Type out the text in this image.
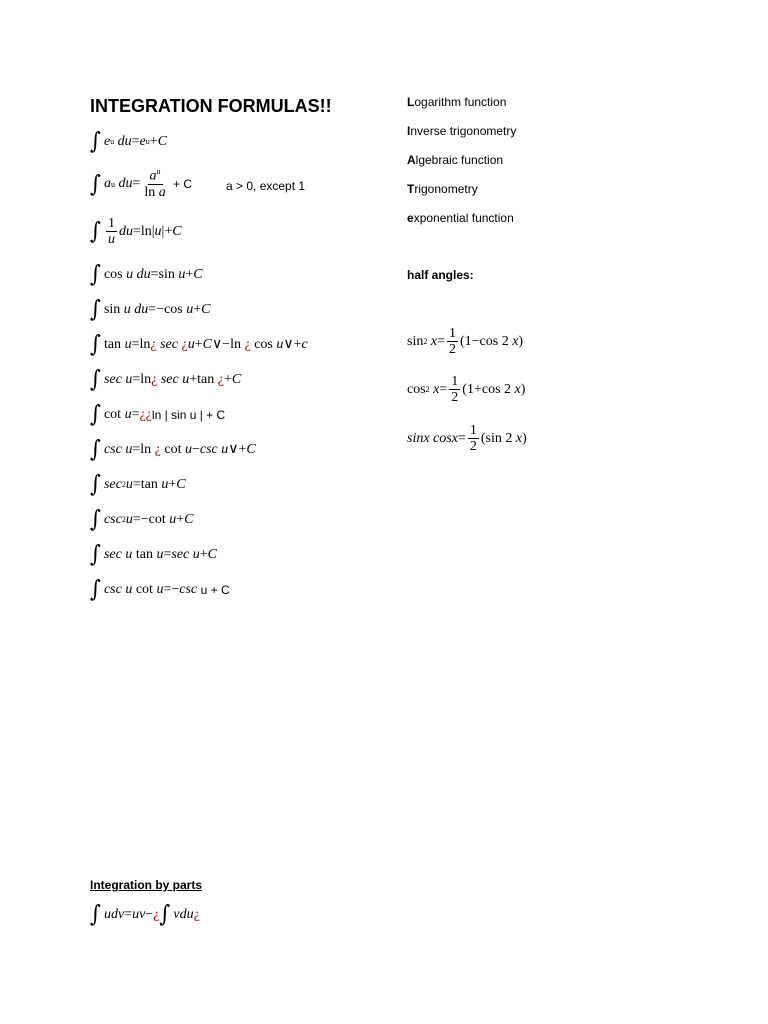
INTEGRATION FORMULAS!!
∫ e u
du = e u + C
∫ a u
du = $\frac{a^u}{\text{ln a}} + C$	a > 0, except 1
∫ $\frac{1}{u}$ du =ln| u |+ C
∫ cos u du =sin u + C
∫ sin u du =−cos u + C
∫ tan u =ln ¿
sec
¿ u + C ∨−ln ¿ cos u ∨+ c
∫ sec
u =ln ¿
sec
u +tan ¿ + C
∫ cot u = ¿¿ ln | sin u | + C
∫ csc
u =ln ¿ cot u − csc
u ∨+ C
∫ sec 2 u =tan u + C
∫ csc 2 u =−cot u + C
∫ sec
u tan u = sec
u + C
∫ csc
u cot u =− csc
u + C
Logarithm function
Inverse trigonometry
Algebraic function
Trigonometry
exponential function
half angles:
sin 2
$x = \frac{1}{2} (1-\cos$ 2 x )
cos 2
$x = \frac{1}{2} (1+\cos$ 2 x )
sinx $\cos x = \frac{1}{2} (\sin$ 2 x )
Integration by parts
∫ udv = uv − ¿ ∫ vdu ¿
